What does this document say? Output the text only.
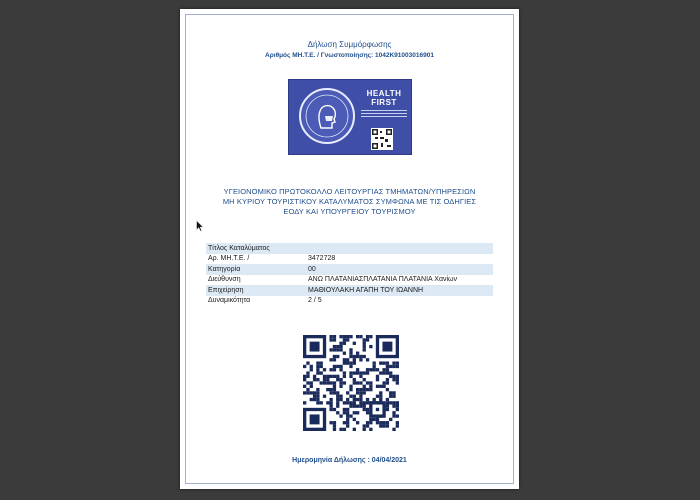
Δήλωση Συμμόρφωσης
Αριθμός ΜΗ.Τ.Ε. / Γνωστοποίησης: 1042Κ91003016901
HEALTH FIRST
ΥΓΕΙΟΝΟΜΙΚΟ ΠΡΩΤΟΚΟΛΛΟ ΛΕΙΤΟΥΡΓΙΑΣ ΤΜΗΜΑΤΩΝ/ΥΠΗΡΕΣΙΩΝ
ΜΗ ΚΥΡΙΟΥ ΤΟΥΡΙΣΤΙΚΟΥ ΚΑΤΑΛΥΜΑΤΟΣ ΣΥΜΦΩΝΑ ΜΕ ΤΙΣ ΟΔΗΓΙΕΣ
ΕΟΔΥ ΚΑΙ ΥΠΟΥΡΓΕΙΟΥ ΤΟΥΡΙΣΜΟΥ
Τίτλος Καταλύματος
Αρ. ΜΗ.Τ.Ε. /	3472728
Κατηγορία	00
Διεύθυνση	ΑΝΩ ΠΛΑΤΑΝΙΑΣΠΛΑΤΑΝΙΑ ΠΛΑΤΑΝΙΑ Χανίων
Επιχείρηση	ΜΑΘΙΟΥΛΑΚΗ ΑΓΑΠΗ ΤΟΥ ΙΩΑΝΝΗ
Δυναμικότητα	2 / 5
Ημερομηνία Δήλωσης : 04/04/2021
